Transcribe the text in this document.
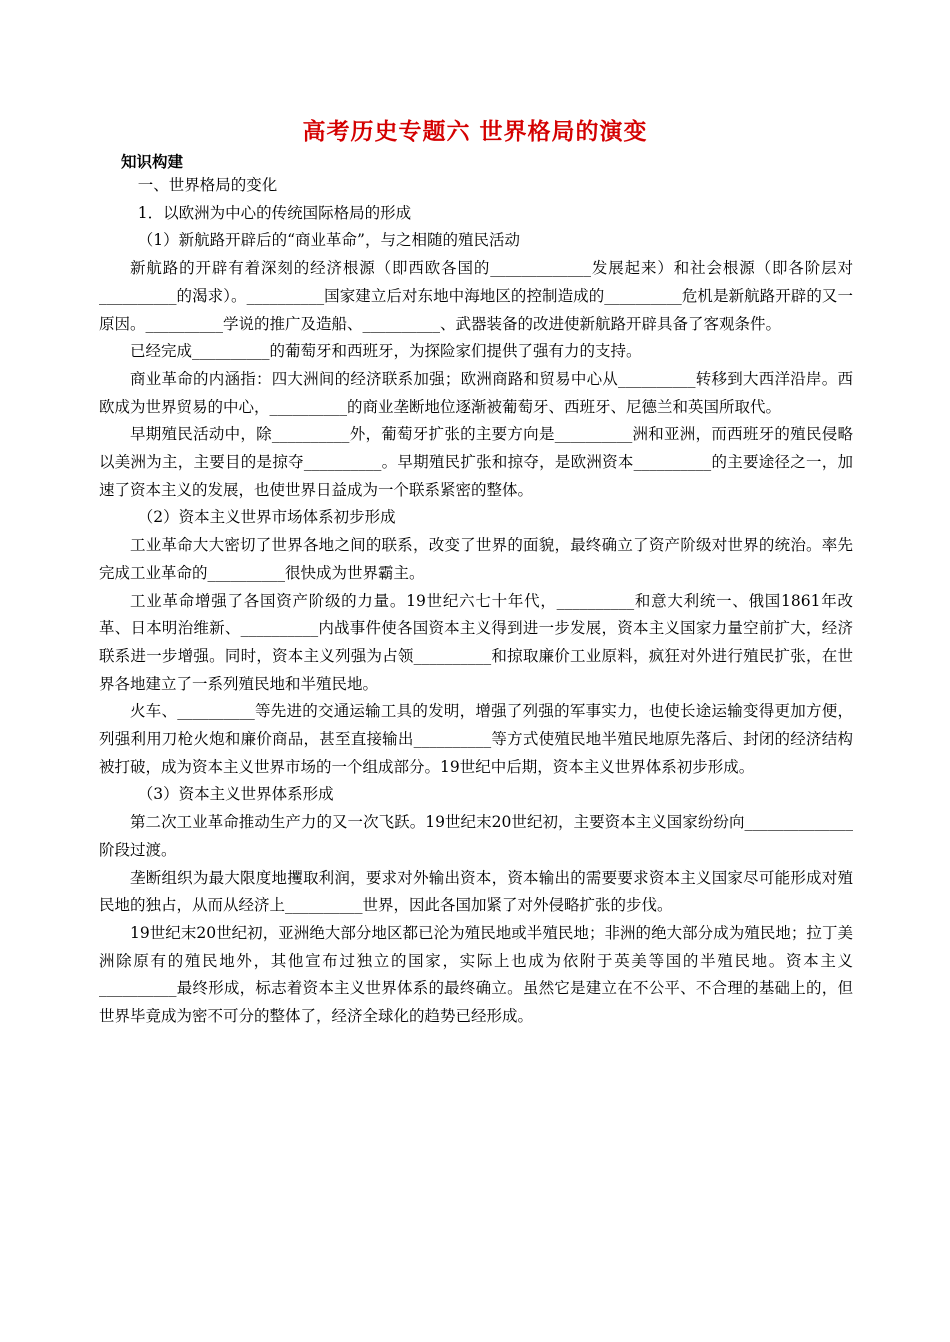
高考历史专题六 世界格局的演变
知识构建

一、世界格局的变化

1．以欧洲为中心的传统国际格局的形成

（1）新航路开辟后的“商业革命”，与之相随的殖民活动

新航路的开辟有着深刻的经济根源（即西欧各国的_____________发展起来）和社会根源（即各阶层对__________的渴求）。__________国家建立后对东地中海地区的控制造成的__________危机是新航路开辟的又一原因。__________学说的推广及造船、__________、武器装备的改进使新航路开辟具备了客观条件。

已经完成__________的葡萄牙和西班牙，为探险家们提供了强有力的支持。

商业革命的内涵指：四大洲间的经济联系加强；欧洲商路和贸易中心从__________转移到大西洋沿岸。西欧成为世界贸易的中心，__________的商业垄断地位逐渐被葡萄牙、西班牙、尼德兰和英国所取代。

早期殖民活动中，除__________外，葡萄牙扩张的主要方向是__________洲和亚洲，而西班牙的殖民侵略以美洲为主，主要目的是掠夺__________。早期殖民扩张和掠夺，是欧洲资本__________的主要途径之一，加速了资本主义的发展，也使世界日益成为一个联系紧密的整体。

（2）资本主义世界市场体系初步形成

工业革命大大密切了世界各地之间的联系，改变了世界的面貌，最终确立了资产阶级对世界的统治。率先完成工业革命的__________很快成为世界霸主。

工业革命增强了各国资产阶级的力量。19世纪六七十年代，__________和意大利统一、俄国1861年改革、日本明治维新、__________内战事件使各国资本主义得到进一步发展，资本主义国家力量空前扩大，经济联系进一步增强。同时，资本主义列强为占领__________和掠取廉价工业原料，疯狂对外进行殖民扩张，在世界各地建立了一系列殖民地和半殖民地。

火车、__________等先进的交通运输工具的发明，增强了列强的军事实力，也使长途运输变得更加方便，列强利用刀枪火炮和廉价商品，甚至直接输出__________等方式使殖民地半殖民地原先落后、封闭的经济结构被打破，成为资本主义世界市场的一个组成部分。19世纪中后期，资本主义世界体系初步形成。

（3）资本主义世界体系形成

第二次工业革命推动生产力的又一次飞跃。19世纪末20世纪初，主要资本主义国家纷纷向______________阶段过渡。

垄断组织为最大限度地攫取利润，要求对外输出资本，资本输出的需要要求资本主义国家尽可能形成对殖民地的独占，从而从经济上__________世界，因此各国加紧了对外侵略扩张的步伐。

19世纪末20世纪初，亚洲绝大部分地区都已沦为殖民地或半殖民地；非洲的绝大部分成为殖民地；拉丁美洲除原有的殖民地外，其他宣布过独立的国家，实际上也成为依附于英美等国的半殖民地。资本主义__________最终形成，标志着资本主义世界体系的最终确立。虽然它是建立在不公平、不合理的基础上的，但世界毕竟成为密不可分的整体了，经济全球化的趋势已经形成。
